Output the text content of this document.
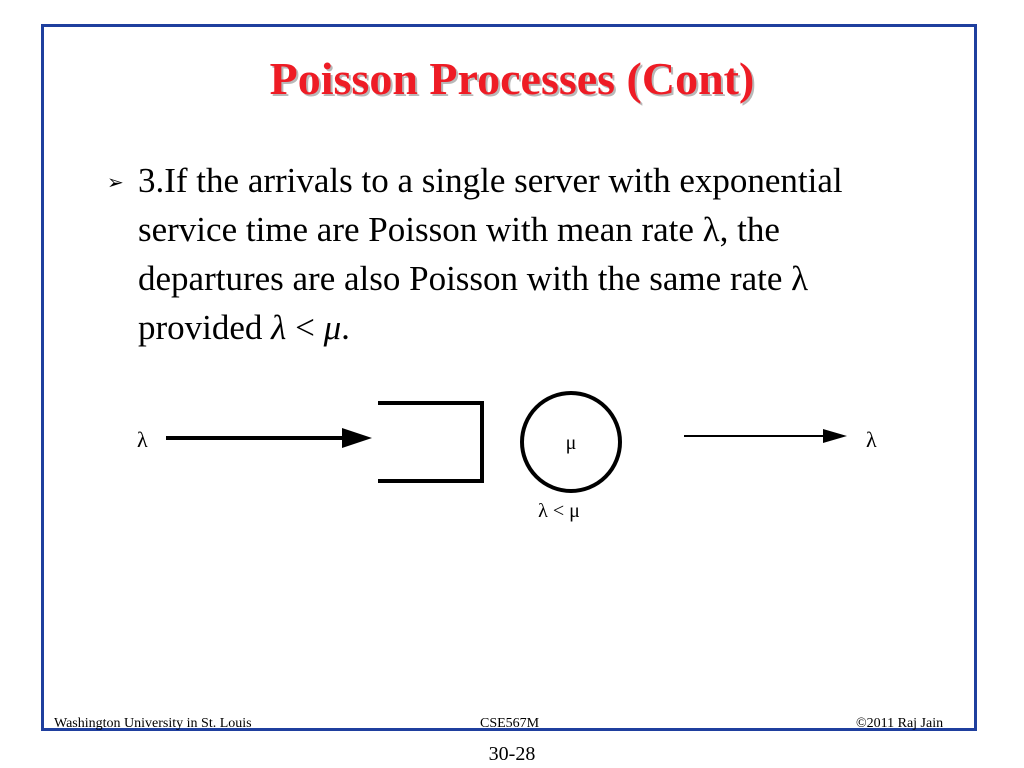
Poisson Processes (Cont)
➢ 3.If the arrivals to a single server with exponential
service time are Poisson with mean rate λ, the
departures are also Poisson with the same rate λ
provided λ < μ.
λ	μ
λ < μ
λ
Washington University in St. Louis	CSE567M	©2011 Raj Jain
30-28
